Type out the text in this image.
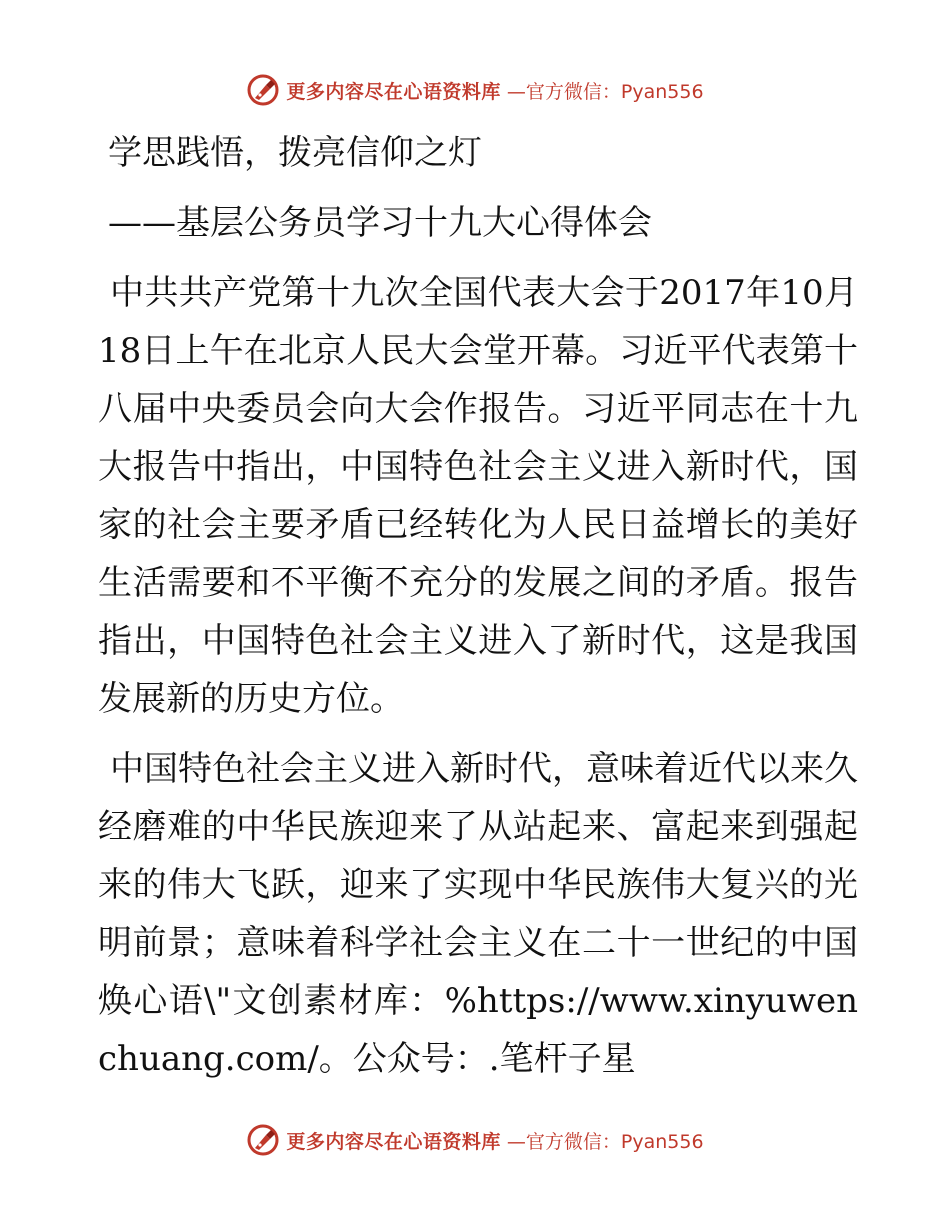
更多内容尽在心语资料库 —官方微信：Pyan556

学思践悟，拨亮信仰之灯

——基层公务员学习十九大心得体会

中共共产党第十九次全国代表大会于2017年10月18日上午在北京人民大会堂开幕。习近平代表第十八届中央委员会向大会作报告。习近平同志在十九大报告中指出，中国特色社会主义进入新时代，国家的社会主要矛盾已经转化为人民日益增长的美好生活需要和不平衡不充分的发展之间的矛盾。报告指出，中国特色社会主义进入了新时代，这是我国发展新的历史方位。

中国特色社会主义进入新时代，意味着近代以来久经磨难的中华民族迎来了从站起来、富起来到强起来的伟大飞跃，迎来了实现中华民族伟大复兴的光明前景；意味着科学社会主义在二十一世纪的中国焕心语\"文创素材库：%https://www.xinyuwenchuang.com/。公众号：.笔杆子星

更多内容尽在心语资料库 —官方微信：Pyan556
